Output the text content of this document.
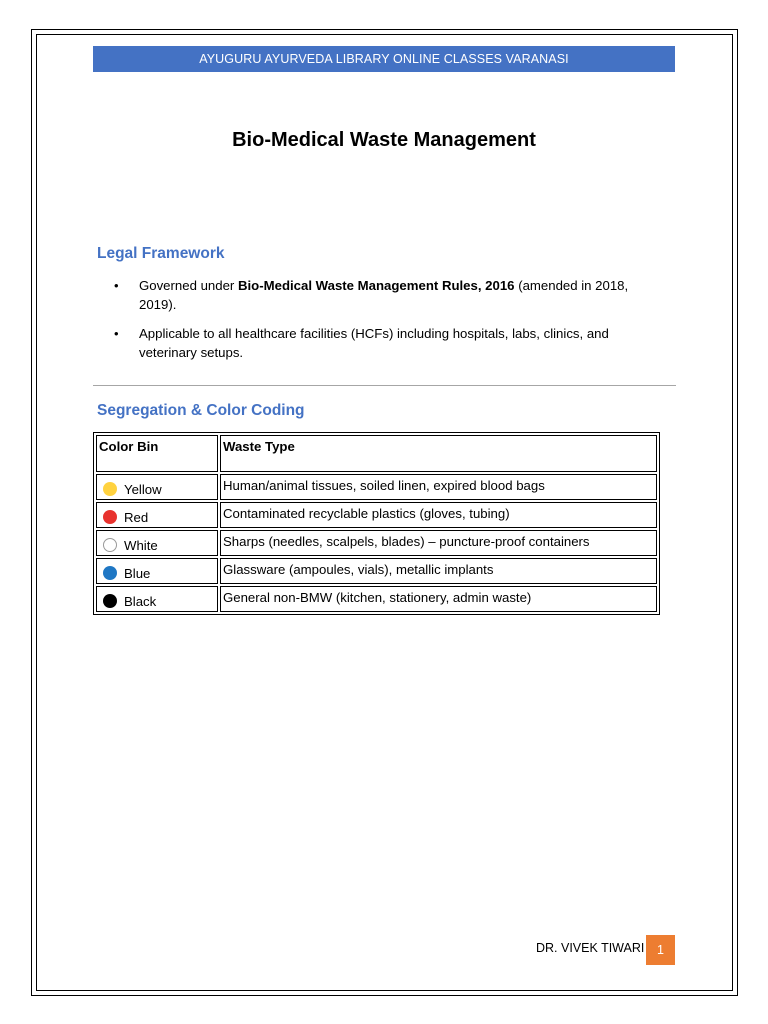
AYUGURU AYURVEDA LIBRARY ONLINE CLASSES VARANASI
Bio-Medical Waste Management
Legal Framework
• Governed under Bio-Medical Waste Management Rules, 2016 (amended in 2018, 2019).
• Applicable to all healthcare facilities (HCFs) including hospitals, labs, clinics, and veterinary setups.
Segregation & Color Coding
Color Bin	Waste Type

Yellow	Human/animal tissues, soiled linen, expired blood bags

Red	Contaminated recyclable plastics (gloves, tubing)

White	Sharps (needles, scalpels, blades) – puncture-proof containers

Blue	Glassware (ampoules, vials), metallic implants

Black	General non-BMW (kitchen, stationery, admin waste)
DR. VIVEK TIWARI	1
